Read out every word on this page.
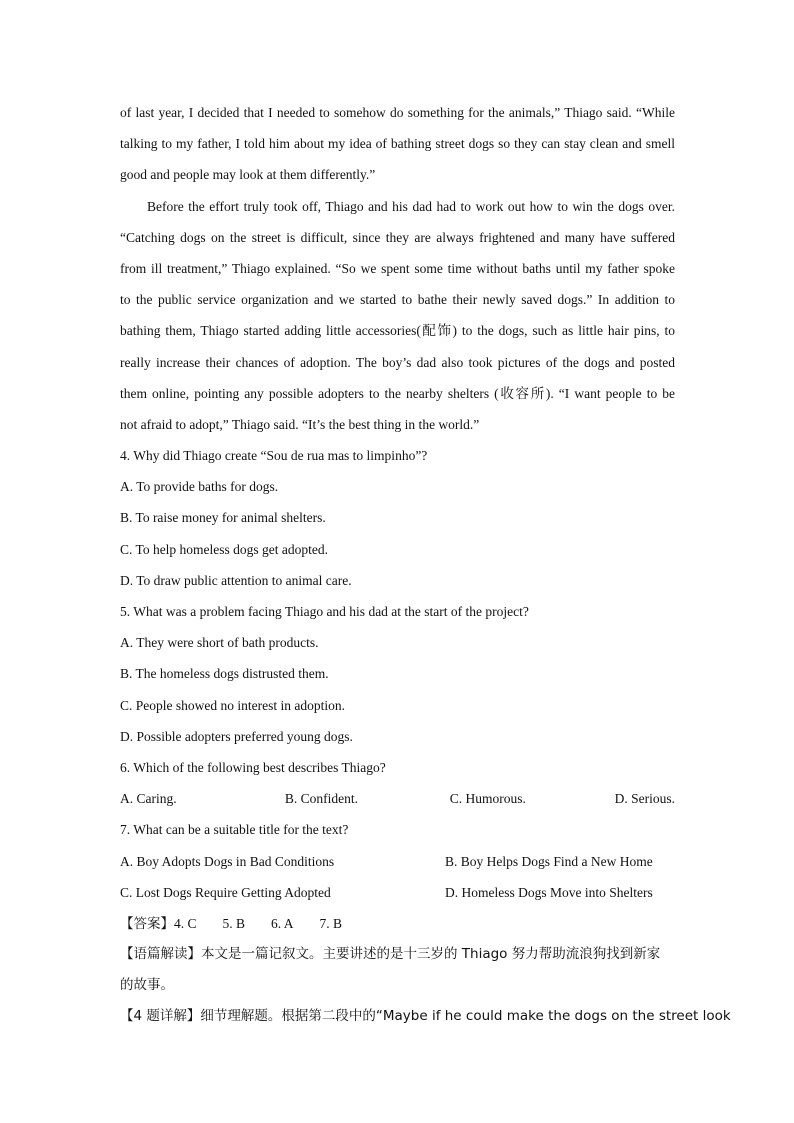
of last year, I decided that I needed to somehow do something for the animals,” Thiago said. “While
talking to my father, I told him about my idea of bathing street dogs so they can stay clean and smell
good and people may look at them differently.”
Before the effort truly took off, Thiago and his dad had to work out how to win the dogs over.
“Catching dogs on the street is difficult, since they are always frightened and many have suffered
from ill treatment,” Thiago explained. “So we spent some time without baths until my father spoke
to the public service organization and we started to bathe their newly saved dogs.” In addition to
bathing them, Thiago started adding little accessories(配饰) to the dogs, such as little hair pins, to
really increase their chances of adoption. The boy’s dad also took pictures of the dogs and posted
them online, pointing any possible adopters to the nearby shelters (收容所). “I want people to be
not afraid to adopt,” Thiago said. “It’s the best thing in the world.”
4. Why did Thiago create “Sou de rua mas to limpinho”?
A. To provide baths for dogs.
B. To raise money for animal shelters.
C. To help homeless dogs get adopted.
D. To draw public attention to animal care.
5. What was a problem facing Thiago and his dad at the start of the project?
A. They were short of bath products.
B. The homeless dogs distrusted them.
C. People showed no interest in adoption.
D. Possible adopters preferred young dogs.
6. Which of the following best describes Thiago?
A. Caring.	B. Confident.	C. Humorous.	D. Serious.
7. What can be a suitable title for the text?
A. Boy Adopts Dogs in Bad Conditions	B. Boy Helps Dogs Find a New Home
C. Lost Dogs Require Getting Adopted	D. Homeless Dogs Move into Shelters
【答案】4. C 5. B 6. A 7. B
【语篇解读】本文是一篇记叙文。主要讲述的是十三岁的 Thiago 努力帮助流浪狗找到新家
的故事。
【4 题详解】细节理解题。根据第二段中的“Maybe if he could make the dogs on the street look
